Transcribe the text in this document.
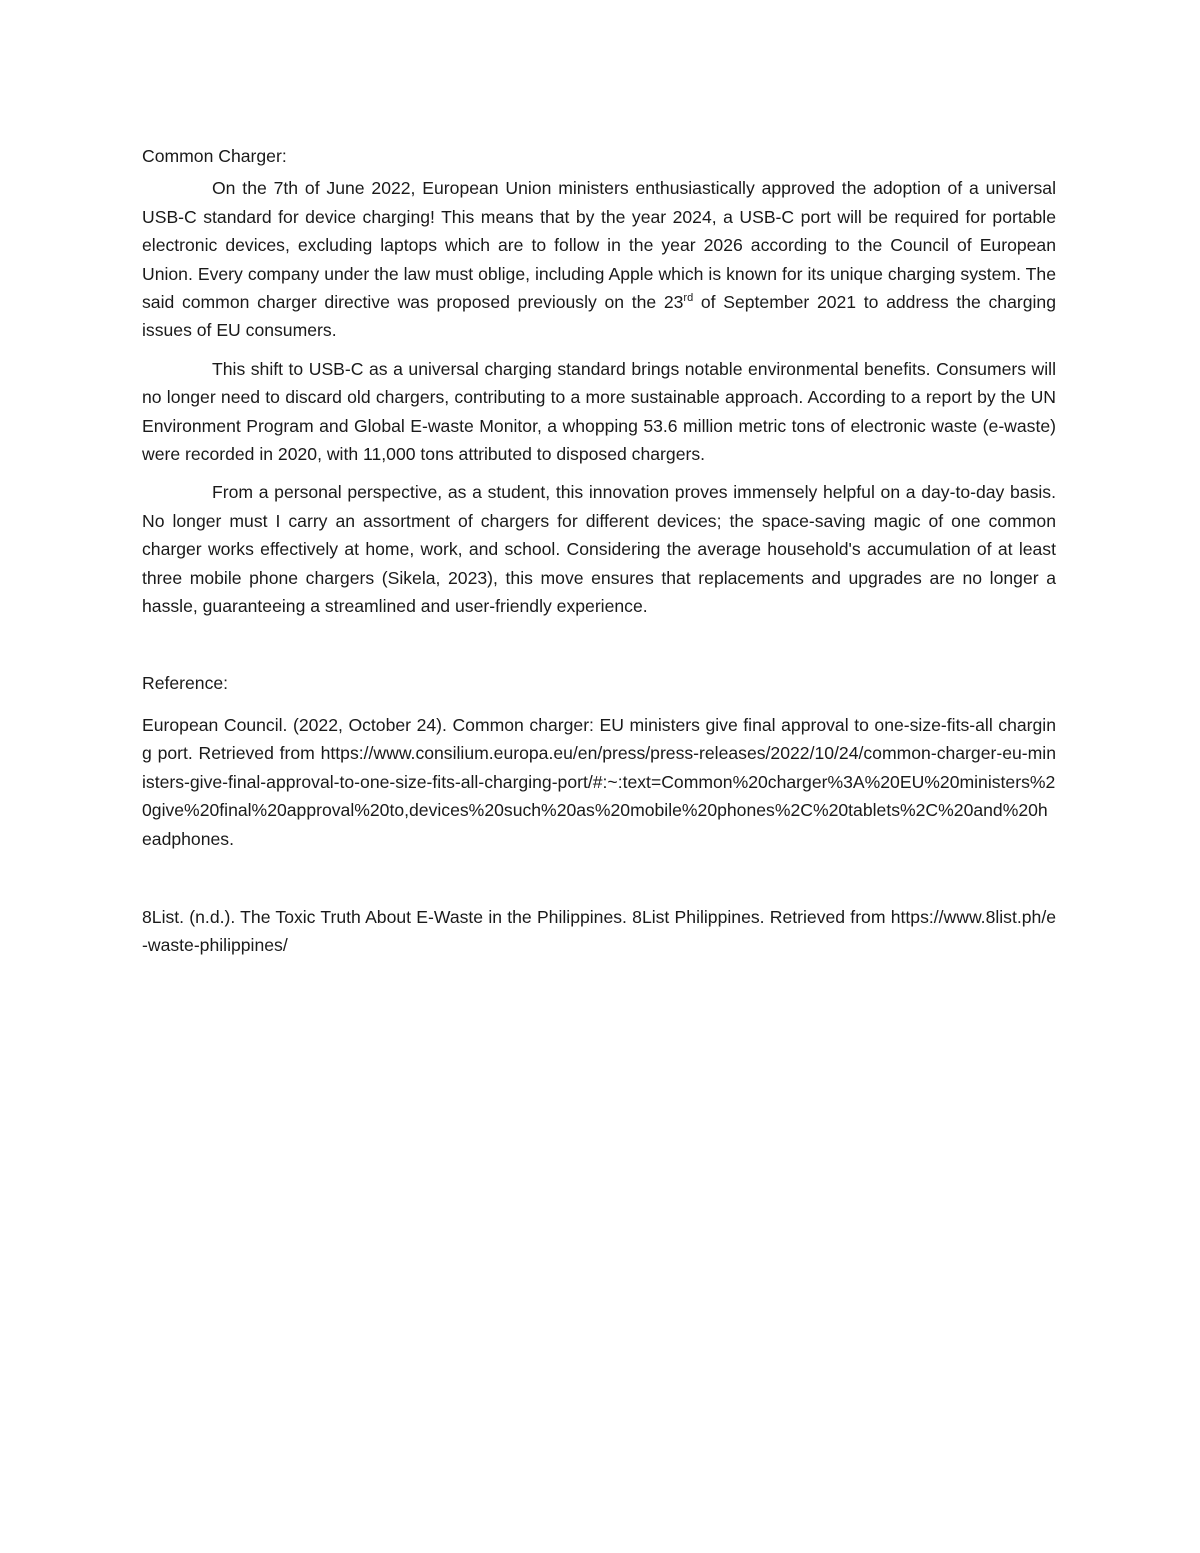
Common Charger:

On the 7th of June 2022, European Union ministers enthusiastically approved the adoption of a universal USB-C standard for device charging! This means that by the year 2024, a USB-C port will be required for portable electronic devices, excluding laptops which are to follow in the year 2026 according to the Council of European Union. Every company under the law must oblige, including Apple which is known for its unique charging system. The said common charger directive was proposed previously on the 23rd of September 2021 to address the charging issues of EU consumers.

This shift to USB-C as a universal charging standard brings notable environmental benefits. Consumers will no longer need to discard old chargers, contributing to a more sustainable approach. According to a report by the UN Environment Program and Global E-waste Monitor, a whopping 53.6 million metric tons of electronic waste (e-waste) were recorded in 2020, with 11,000 tons attributed to disposed chargers.

From a personal perspective, as a student, this innovation proves immensely helpful on a day-to-day basis. No longer must I carry an assortment of chargers for different devices; the space-saving magic of one common charger works effectively at home, work, and school. Considering the average household's accumulation of at least three mobile phone chargers (Sikela, 2023), this move ensures that replacements and upgrades are no longer a hassle, guaranteeing a streamlined and user-friendly experience.

Reference:

European Council. (2022, October 24). Common charger: EU ministers give final approval to one-size-fits-all charging port. Retrieved from https://www.consilium.europa.eu/en/press/press-releases/2022/10/24/common-charger-eu-ministers-give-final-approval-to-one-size-fits-all-charging-port/#:~:text=Common%20charger%3A%20EU%20ministers%20give%20final%20approval%20to,devices%20such%20as%20mobile%20phones%2C%20tablets%2C%20and%20headphones.

8List. (n.d.). The Toxic Truth About E-Waste in the Philippines. 8List Philippines. Retrieved from https://www.8list.ph/e-waste-philippines/
